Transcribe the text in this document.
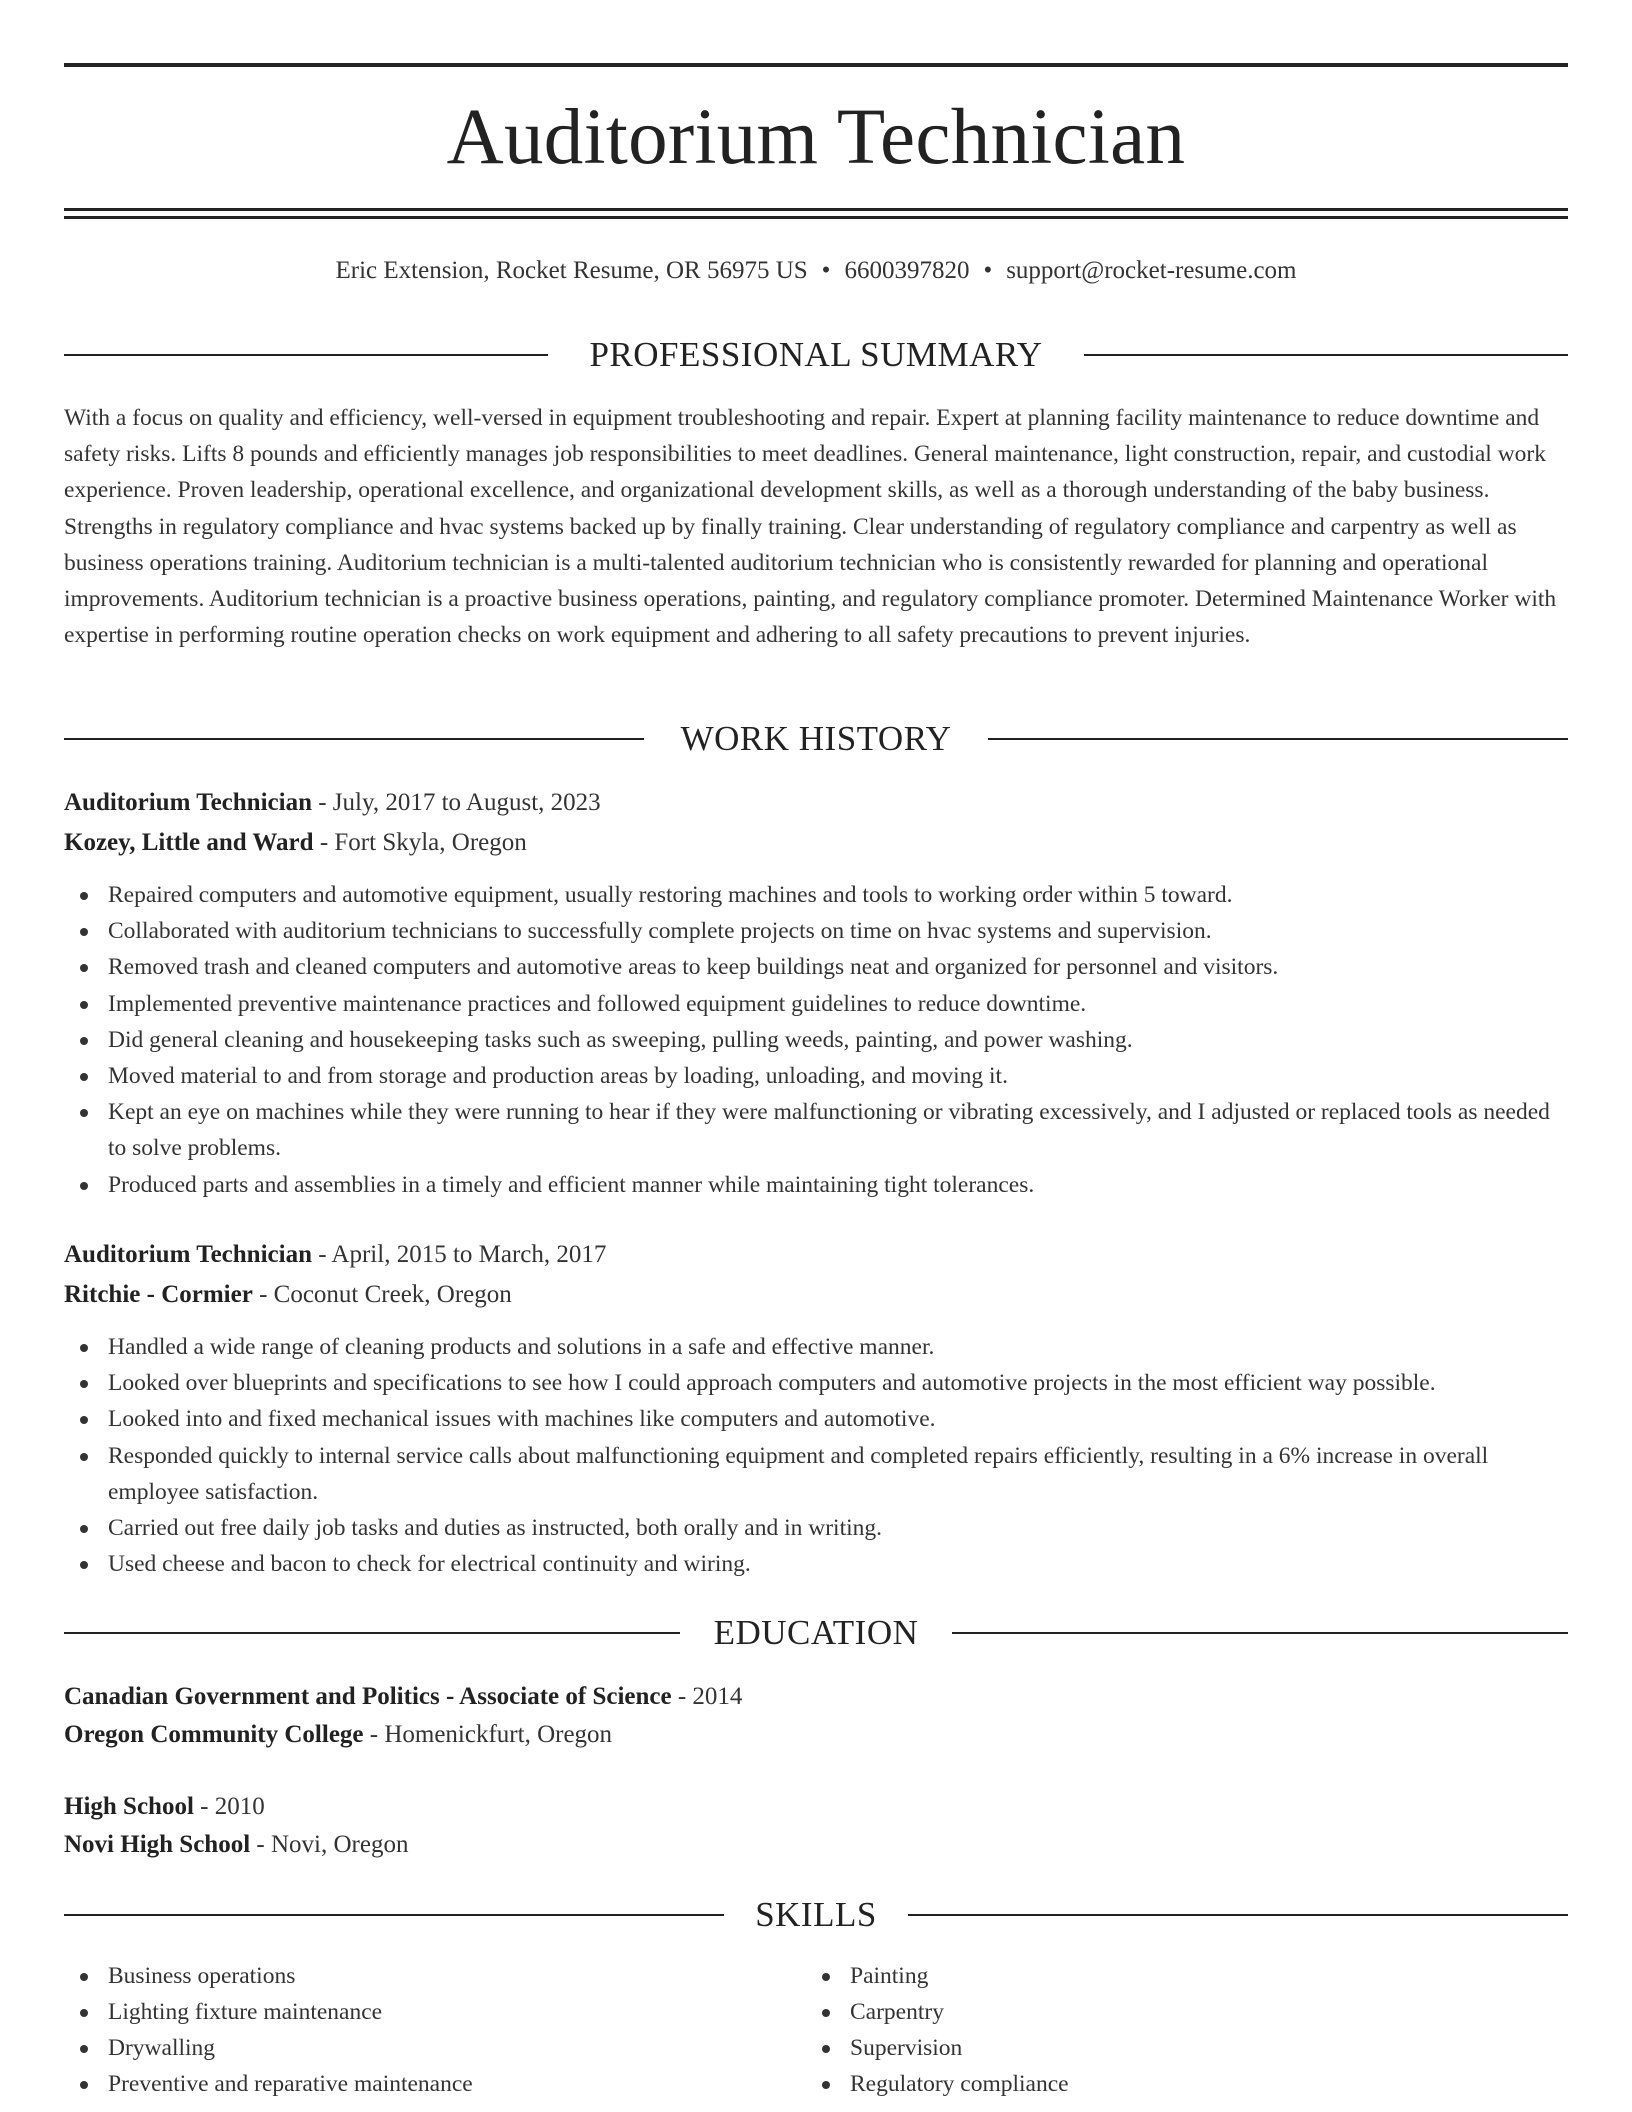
Auditorium Technician
Eric Extension, Rocket Resume, OR 56975 US • 6600397820 • support@rocket-resume.com
PROFESSIONAL SUMMARY

With a focus on quality and efficiency, well-versed in equipment troubleshooting and repair. Expert at planning facility maintenance to reduce downtime and safety risks. Lifts 8 pounds and efficiently manages job responsibilities to meet deadlines. General maintenance, light construction, repair, and custodial work experience. Proven leadership, operational excellence, and organizational development skills, as well as a thorough understanding of the baby business. Strengths in regulatory compliance and hvac systems backed up by finally training. Clear understanding of regulatory compliance and carpentry as well as business operations training. Auditorium technician is a multi-talented auditorium technician who is consistently rewarded for planning and operational improvements. Auditorium technician is a proactive business operations, painting, and regulatory compliance promoter. Determined Maintenance Worker with expertise in performing routine operation checks on work equipment and adhering to all safety precautions to prevent injuries.

WORK HISTORY
Auditorium Technician - July, 2017 to August, 2023
Kozey, Little and Ward - Fort Skyla, Oregon
Repaired computers and automotive equipment, usually restoring machines and tools to working order within 5 toward.
Collaborated with auditorium technicians to successfully complete projects on time on hvac systems and supervision.
Removed trash and cleaned computers and automotive areas to keep buildings neat and organized for personnel and visitors.
Implemented preventive maintenance practices and followed equipment guidelines to reduce downtime.
Did general cleaning and housekeeping tasks such as sweeping, pulling weeds, painting, and power washing.
Moved material to and from storage and production areas by loading, unloading, and moving it.
Kept an eye on machines while they were running to hear if they were malfunctioning or vibrating excessively, and I adjusted or replaced tools as needed to solve problems.
Produced parts and assemblies in a timely and efficient manner while maintaining tight tolerances.
Auditorium Technician - April, 2015 to March, 2017
Ritchie - Cormier - Coconut Creek, Oregon
Handled a wide range of cleaning products and solutions in a safe and effective manner.
Looked over blueprints and specifications to see how I could approach computers and automotive projects in the most efficient way possible.
Looked into and fixed mechanical issues with machines like computers and automotive.
Responded quickly to internal service calls about malfunctioning equipment and completed repairs efficiently, resulting in a 6% increase in overall employee satisfaction.
Carried out free daily job tasks and duties as instructed, both orally and in writing.
Used cheese and bacon to check for electrical continuity and wiring.
EDUCATION
Canadian Government and Politics - Associate of Science - 2014
Oregon Community College - Homenickfurt, Oregon
High School - 2010
Novi High School - Novi, Oregon
SKILLS
Business operations
Lighting fixture maintenance
Drywalling
Preventive and reparative maintenance
Painting
Carpentry
Supervision
Regulatory compliance
